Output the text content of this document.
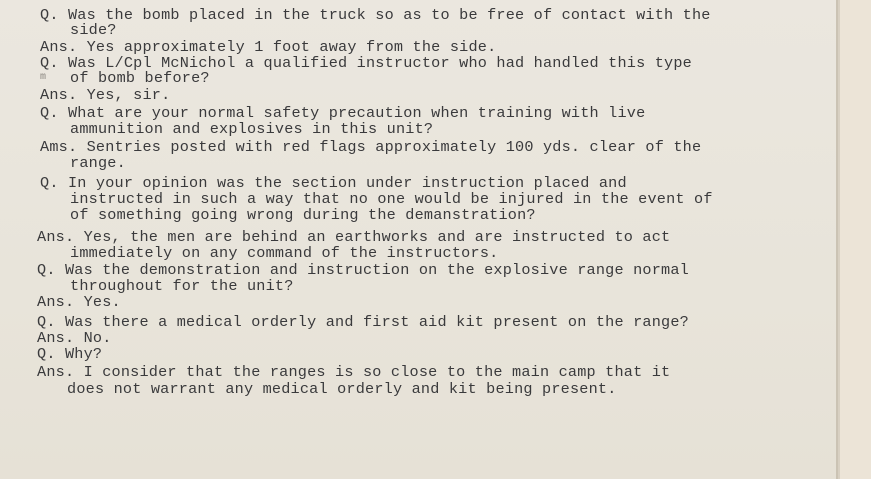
Q. Was the bomb placed in the truck so as to be free of contact with the
side?
Ans. Yes approximately 1 foot away from the side.
Q. Was L/Cpl McNichol a qualified instructor who had handled this type
of bomb before?
Ans. Yes, sir.
Q. What are your normal safety precaution when training with live
ammunition and explosives in this unit?
Ams. Sentries posted with red flags approximately 100 yds. clear of the
range.
Q. In your opinion was the section under instruction placed and
instructed in such a way that no one would be injured in the event of
of something going wrong during the demanstration?
Ans. Yes, the men are behind an earthworks and are instructed to act
immediately on any command of the instructors.
Q. Was the demonstration and instruction on the explosive range normal
throughout for the unit?
Ans. Yes.
Q. Was there a medical orderly and first aid kit present on the range?
Ans. No.
Q. Why?
Ans. I consider that the ranges is so close to the main camp that it
does not warrant any medical orderly and kit being present.
m
